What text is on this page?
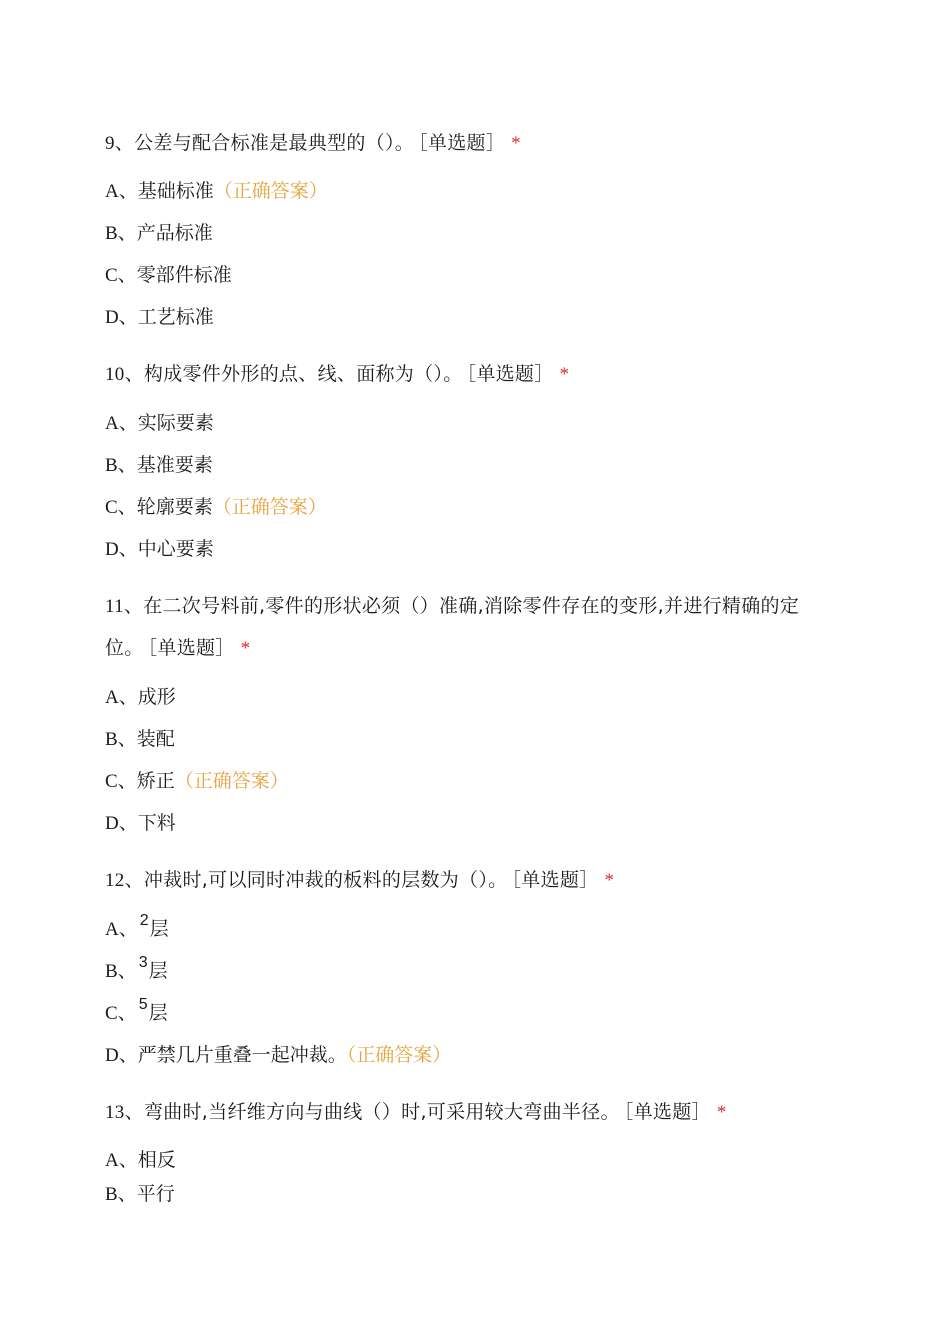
9、公差与配合标准是最典型的（）。 ［单选题］ *
A、基础标准（正确答案）
B、产品标准
C、零部件标准
D、工艺标准
10、构成零件外形的点、线、面称为（）。 ［单选题］ *
A、实际要素
B、基准要素
C、轮廓要素（正确答案）
D、中心要素
11、在二次号料前,零件的形状必须（）准确,消除零件存在的变形,并进行精确的定
位。 ［单选题］ *
A、成形
B、装配
C、矫正（正确答案）
D、下料
12、冲裁时,可以同时冲裁的板料的层数为（）。 ［单选题］ *
A、 $^2$层
B、 $^3$层
C、 $^5$层
D、严禁几片重叠一起冲裁。（正确答案）
13、弯曲时,当纤维方向与曲线（）时,可采用较大弯曲半径。 ［单选题］ *
A、相反
B、平行
